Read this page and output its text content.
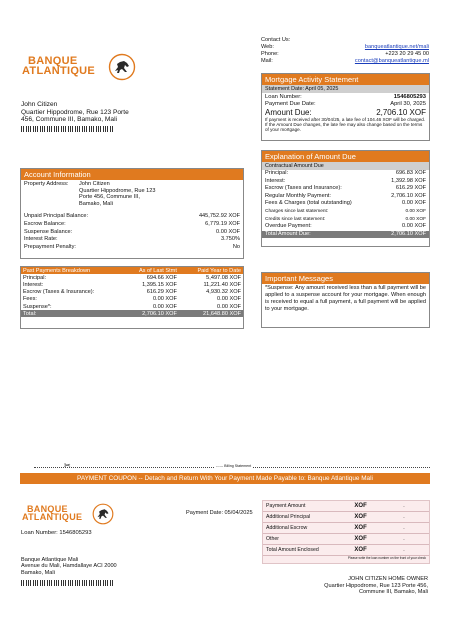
BANQUE
ATLANTIQUE
Contact Us:
Web:	banqueatlantique.net/mali
Phone:	+223 20 29 45 00
Mail:	contact@banqueatlantique.ml
John Citizen
Quartier Hippodrome, Rue 123 Porte
456, Commune III, Bamako, Mali
Mortgage Activity Statement
Statement Date: April 05, 2025
Loan Number:	1546805293
Payment Due Date:	April 30, 2025
Amount Due:	2,706.10 XOF
If payment is received after 30/04/25, a late fee of 104.46 XOF will be charged. If the Amount Due changes, the late fee may also change based on the terms of your mortgage.
Explanation of Amount Due
Contractual Amount Due
Principal:	696.83 XOF
Interest:	1,392.98 XOF
Escrow (Taxes and Insurance):	616.29 XOF
Regular Monthly Payment:	2,706.10 XOF
Fees & Charges (total outstanding)	0.00 XOF
Charges since last statement:	0.00 XOF
Credits since last statement:	0.00 XOF
Overdue Payment:	0.00 XOF
Total Amount Due:	2,706.10 XOF
Account Information
Property Address:	John Citizen
Quartier Hippodrome, Rue 123
Porte 456, Commune III,
Bamako, Mali
Unpaid Principal Balance:	445,752.92 XOF
Escrow Balance:	6,779.19 XOF
Suspense Balance:	0.00 XOF
Interest Rate:	3.750%
Prepayment Penalty:	No
Past Payments Breakdown	As of Last Stmt	Paid Year to Date
Principal:	694.66 XOF	5,497.08 XOF
Interest:	1,395.15 XOF	11,221.40 XOF
Escrow (Taxes & Insurance):	616.29 XOF	4,930.32 XOF
Fees:	0.00 XOF	0.00 XOF
Suspense*:	0.00 XOF	0.00 XOF
Total:	2,706.10 XOF	21,648.80 XOF
Important Messages
*Suspense: Any amount received less than a full payment will be applied to a suspense account for your mortgage. When enough is received to equal a full payment, a full payment will be applied to your mortgage.
✂	------ Billing Statement
PAYMENT COUPON -- Detach and Return With Your Payment Made Payable to: Banque Atlantique Mali
BANQUE
ATLANTIQUE
Loan Number: 1546805293
Payment Date: 05/04/2025
Payment Amount	XOF	.
Additional Principal	XOF	.
Additional Escrow	XOF	.
Other	XOF	.
Total Amount Enclosed	XOF	.
Please write the loan number on the front of your check
Banque Atlantique Mali
Avenue du Mali, Hamdallaye ACI 2000
Bamako, Mali
JOHN CITIZEN HOME OWNER
Quartier Hippodrome, Rue 123 Porte 456,
Commune III, Bamako, Mali
